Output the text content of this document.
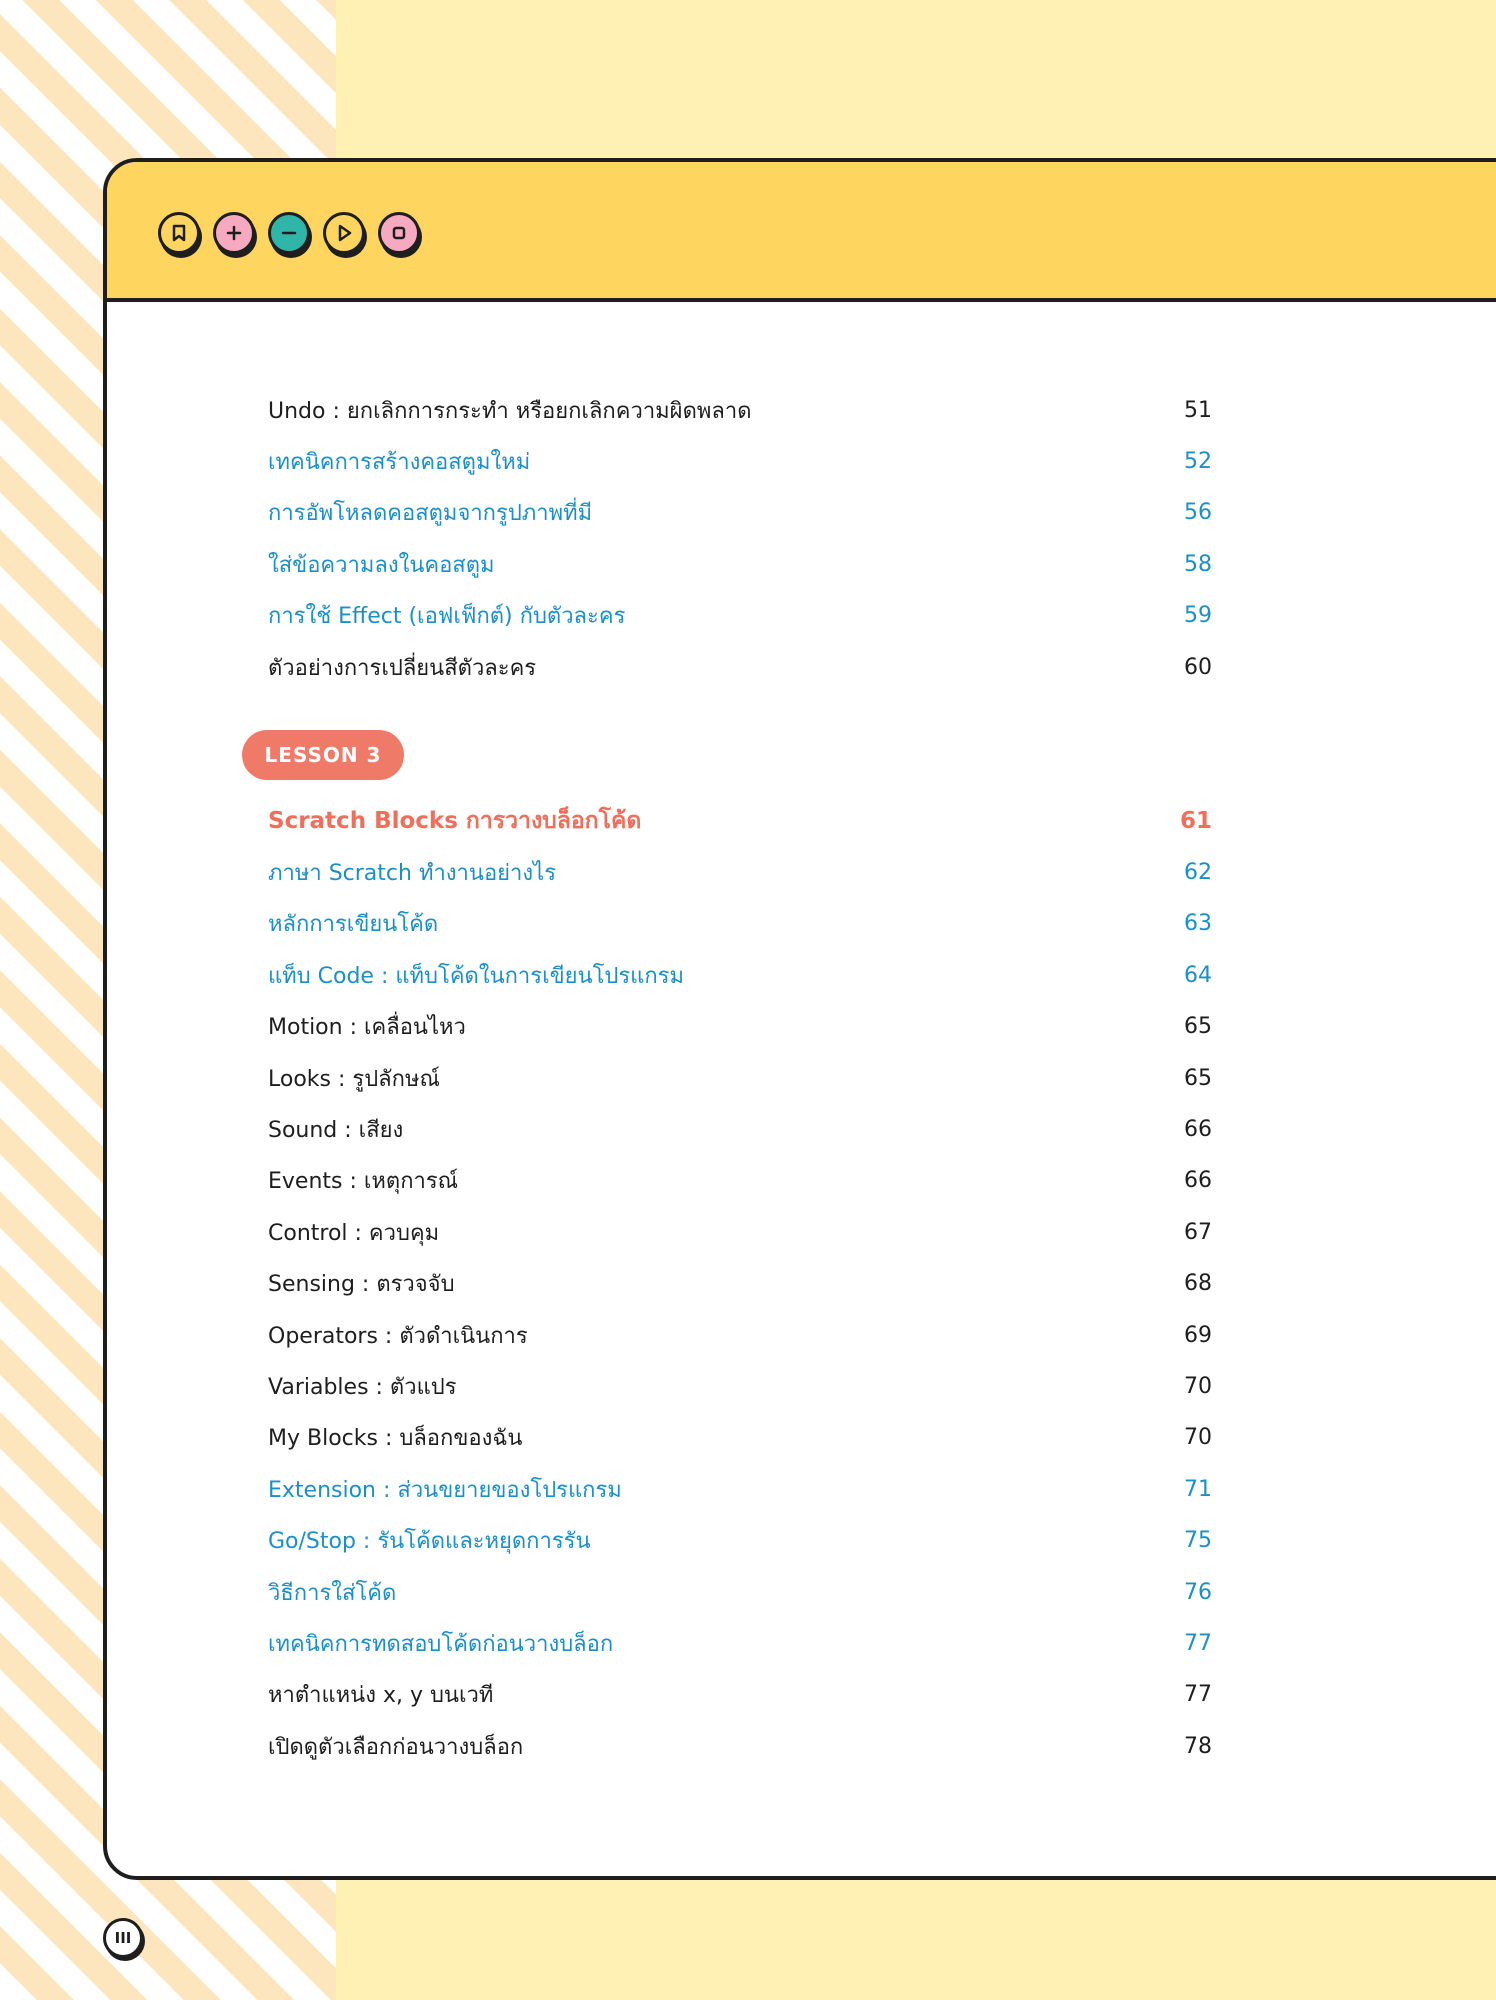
Undo : ยกเลิกการกระทำ หรือยกเลิกความผิดพลาด	51
เทคนิคการสร้างคอสตูมใหม่	52
การอัพโหลดคอสตูมจากรูปภาพที่มี	56
ใส่ข้อความลงในคอสตูม	58
การใช้ Effect (เอฟเฟ็กต์) กับตัวละคร	59
ตัวอย่างการเปลี่ยนสีตัวละคร	60
LESSON 3
Scratch Blocks การวางบล็อกโค้ด	61
ภาษา Scratch ทำงานอย่างไร	62
หลักการเขียนโค้ด	63
แท็บ Code : แท็บโค้ดในการเขียนโปรแกรม	64
Motion : เคลื่อนไหว	65
Looks : รูปลักษณ์	65
Sound : เสียง	66
Events : เหตุการณ์	66
Control : ควบคุม	67
Sensing : ตรวจจับ	68
Operators : ตัวดำเนินการ	69
Variables : ตัวแปร	70
My Blocks : บล็อกของฉัน	70
Extension : ส่วนขยายของโปรแกรม	71
Go/Stop : รันโค้ดและหยุดการรัน	75
วิธีการใส่โค้ด	76
เทคนิคการทดสอบโค้ดก่อนวางบล็อก	77
หาตำแหน่ง x, y บนเวที	77
เปิดดูตัวเลือกก่อนวางบล็อก	78
III
